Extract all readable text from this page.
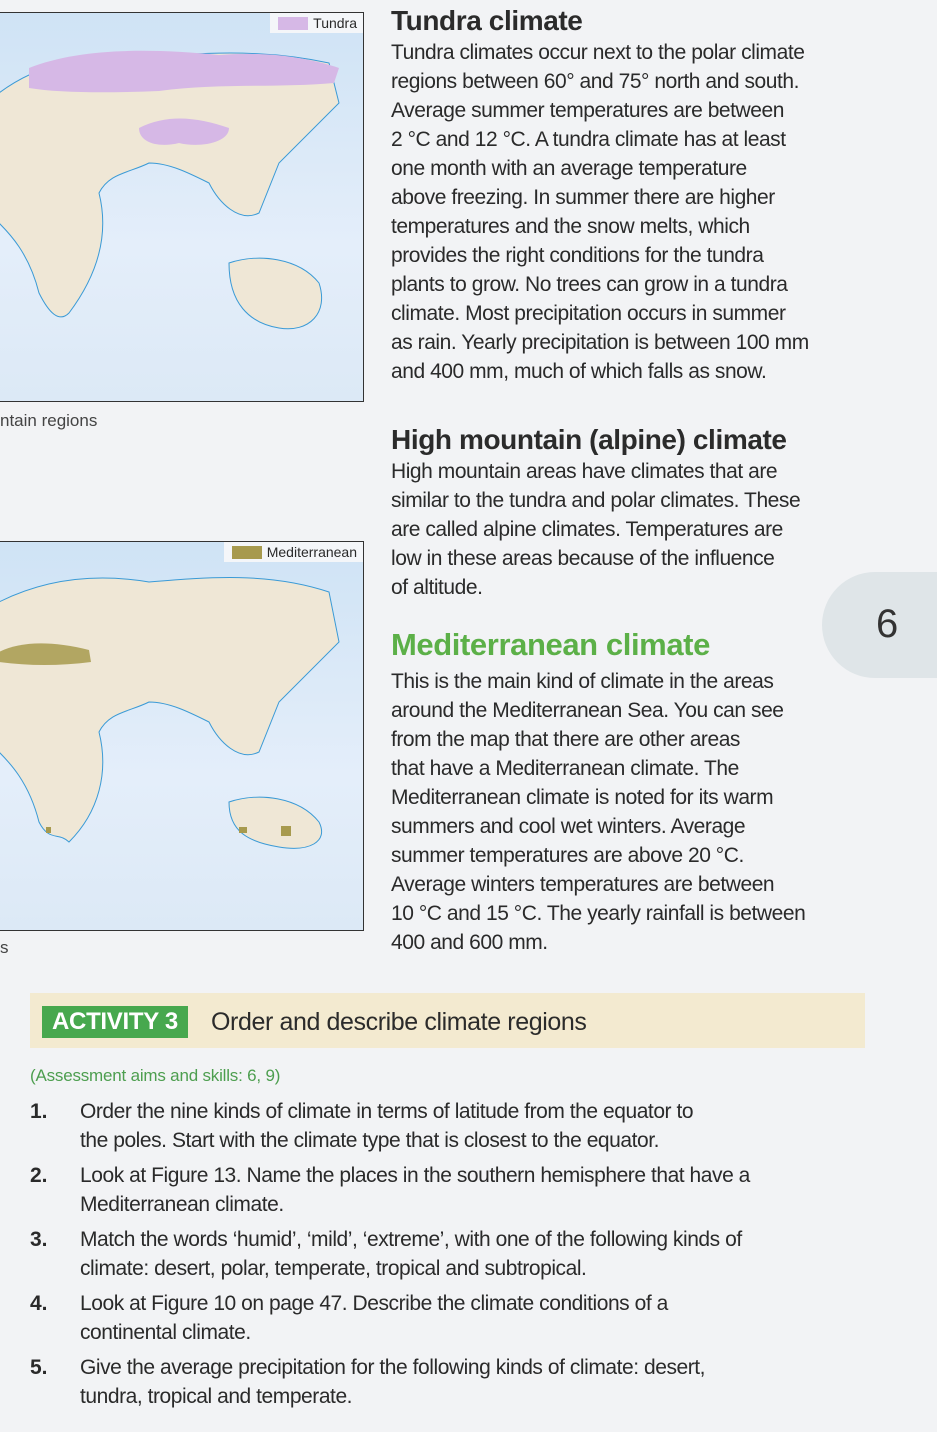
Tundra
ntain regions
Mediterranean
s
Tundra climate
Tundra climates occur next to the polar climate
regions between 60° and 75° north and south.
Average summer temperatures are between
2 °C and 12 °C. A tundra climate has at least
one month with an average temperature
above freezing. In summer there are higher
temperatures and the snow melts, which
provides the right conditions for the tundra
plants to grow. No trees can grow in a tundra
climate. Most precipitation occurs in summer
as rain. Yearly precipitation is between 100 mm
and 400 mm, much of which falls as snow.
High mountain (alpine) climate
High mountain areas have climates that are
similar to the tundra and polar climates. These
are called alpine climates. Temperatures are
low in these areas because of the influence
of altitude.
Mediterranean climate
This is the main kind of climate in the areas
around the Mediterranean Sea. You can see
from the map that there are other areas
that have a Mediterranean climate. The
Mediterranean climate is noted for its warm
summers and cool wet winters. Average
summer temperatures are above 20 °C.
Average winters temperatures are between
10 °C and 15 °C. The yearly rainfall is between
400 and 600 mm.
6
ACTIVITY 3	Order and describe climate regions
(Assessment aims and skills: 6, 9)
1. Order the nine kinds of climate in terms of latitude from the equator to
the poles. Start with the climate type that is closest to the equator.
2. Look at Figure 13. Name the places in the southern hemisphere that have a
Mediterranean climate.
3. Match the words ‘humid’, ‘mild’, ‘extreme’, with one of the following kinds of
climate: desert, polar, temperate, tropical and subtropical.
4. Look at Figure 10 on page 47. Describe the climate conditions of a
continental climate.
5. Give the average precipitation for the following kinds of climate: desert,
tundra, tropical and temperate.
